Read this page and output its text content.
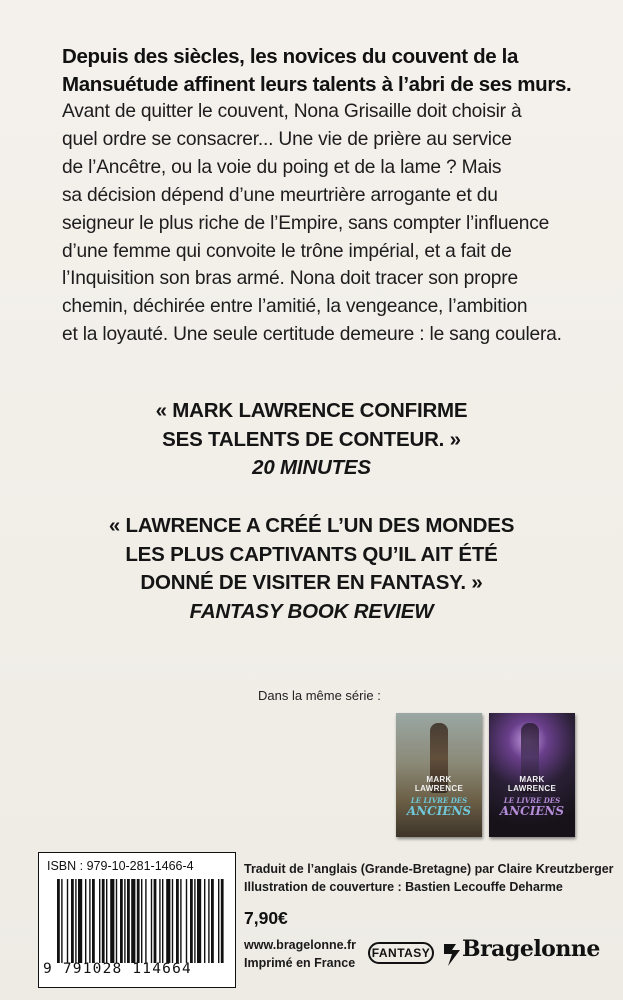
Depuis des siècles, les novices du couvent de la
Mansuétude affinent leurs talents à l’abri de ses murs.
Avant de quitter le couvent, Nona Grisaille doit choisir à
quel ordre se consacrer... Une vie de prière au service
de l’Ancêtre, ou la voie du poing et de la lame ? Mais
sa décision dépend d’une meurtrière arrogante et du
seigneur le plus riche de l’Empire, sans compter l’influence
d’une femme qui convoite le trône impérial, et a fait de
l’Inquisition son bras armé. Nona doit tracer son propre
chemin, déchirée entre l’amitié, la vengeance, l’ambition
et la loyauté. Une seule certitude demeure : le sang coulera.
« MARK LAWRENCE CONFIRME
SES TALENTS DE CONTEUR. »
20 MINUTES
« LAWRENCE A CRÉÉ L’UN DES MONDES
LES PLUS CAPTIVANTS QU’IL AIT ÉTÉ
DONNÉ DE VISITER EN FANTASY. »
FANTASY BOOK REVIEW
Dans la même série :
MARK
LAWRENCE
LE LIVRE DES
ANCIENS
MARK
LAWRENCE
LE LIVRE DES
ANCIENS
ISBN : 979-10-281-1466-4
9 791028 114664
Traduit de l’anglais (Grande-Bretagne) par Claire Kreutzberger
Illustration de couverture : Bastien Lecouffe Deharme
7,90€
www.bragelonne.fr
Imprimé en France
FANTASY Bragelonne
